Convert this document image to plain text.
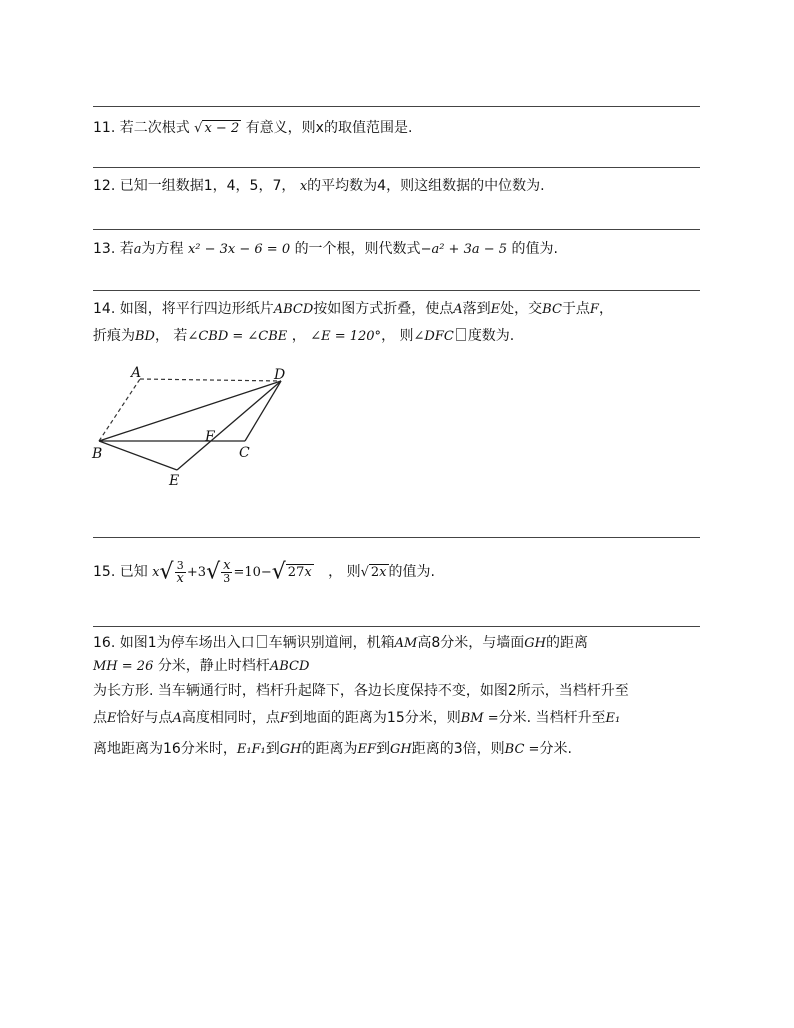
11. 若二次根式 √ x − 2 有意义，则x的取值范围是.
12. 已知一组数据1，4，5，7， x的平均数为4，则这组数据的中位数为.
13. 若a为方程 x² − 3x − 6 = 0 的一个根，则代数式−a² + 3a − 5 的值为.
14. 如图，将平行四边形纸片ABCD按如图方式折叠，使点A落到E处，交BC于点F，
折痕为BD， 若∠CBD = ∠CBE ， ∠E = 120°， 则∠DFC 度数为.
A	D
B	C
F
E
15. 已知 $x√ \frac{3}{x} +3√ \frac{x}{3} =10-√$ 27x ， 则√ 2x 的值为.
16. 如图1为停车场出入口 车辆识别道闸，机箱AM高8分米，与墙面GH的距离
MH = 26 分米，静止时档杆ABCD
为长方形. 当车辆通行时，档杆升起降下，各边长度保持不变，如图2所示，当档杆升至
点E恰好与点A高度相同时，点F到地面的距离为15分米，则BM =分米. 当档杆升至E₁
离地距离为16分米时，E₁F₁到GH的距离为EF到GH距离的3倍，则BC =分米.
